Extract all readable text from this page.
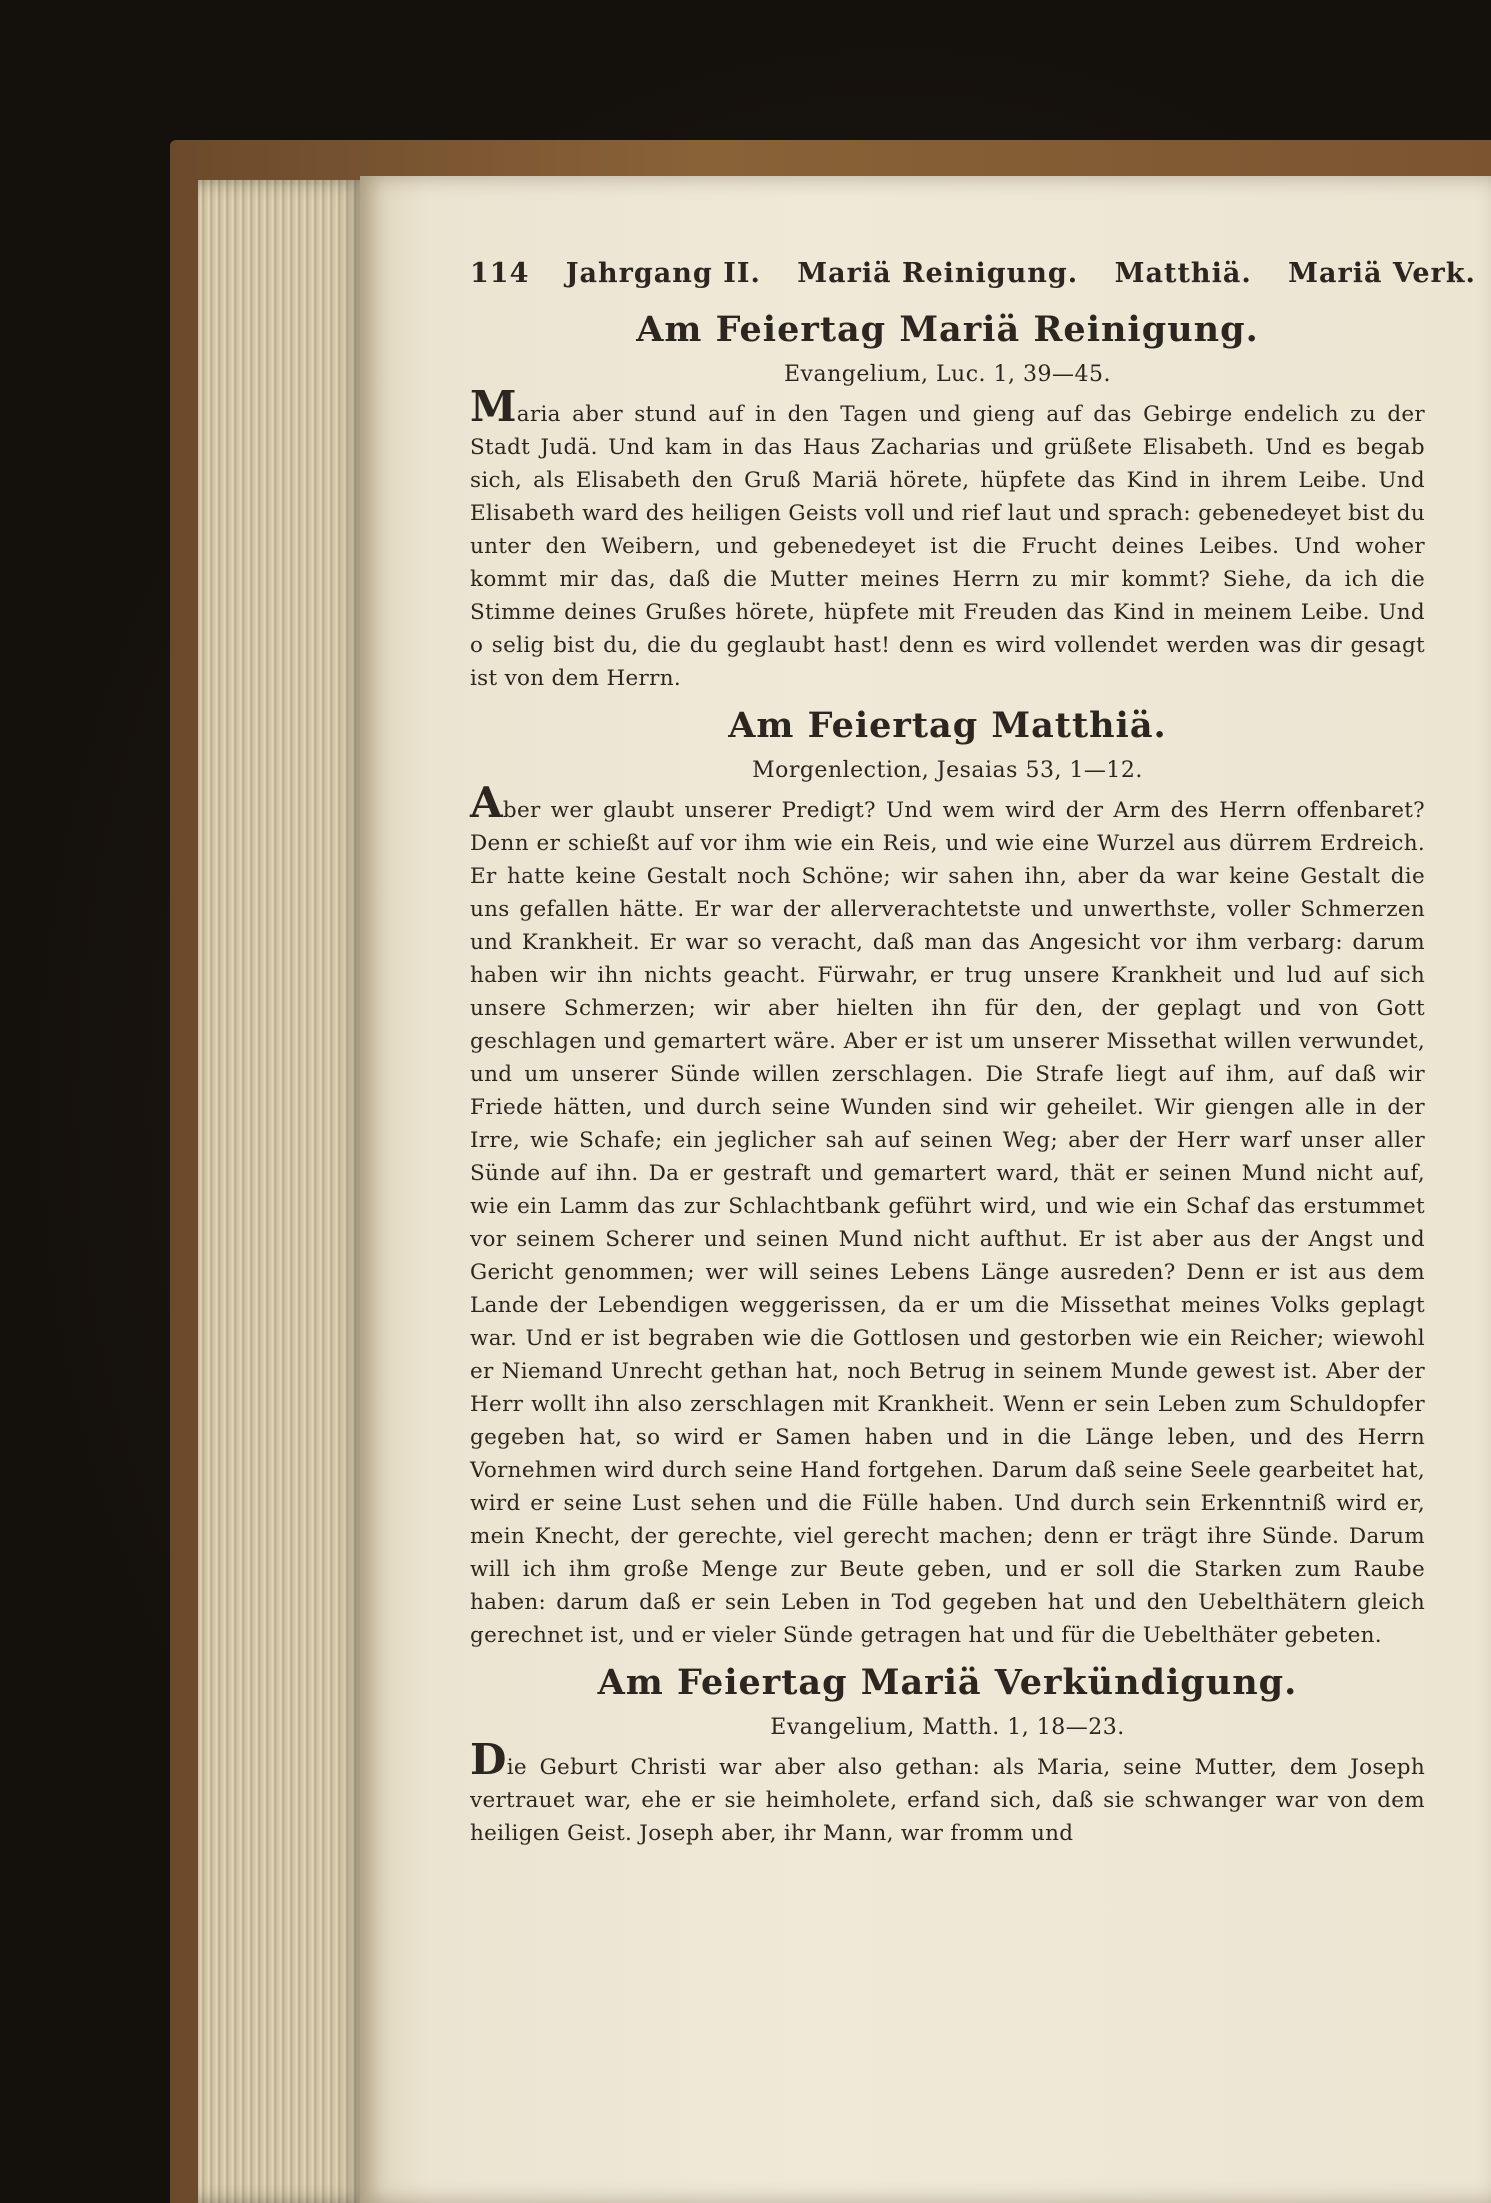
114 Jahrgang II. Mariä Reinigung. Matthiä. Mariä Verk.
Am Feiertag Mariä Reinigung.
Evangelium, Luc. 1, 39—45.

Maria aber stund auf in den Tagen und gieng auf das Gebirge endelich zu der Stadt Judä. Und kam in das Haus Zacharias und grüßete Elisabeth. Und es begab sich, als Elisabeth den Gruß Mariä hörete, hüpfete das Kind in ihrem Leibe. Und Elisabeth ward des heiligen Geists voll und rief laut und sprach: gebenedeyet bist du unter den Weibern, und gebenedeyet ist die Frucht deines Leibes. Und woher kommt mir das, daß die Mutter meines Herrn zu mir kommt? Siehe, da ich die Stimme deines Grußes hörete, hüpfete mit Freuden das Kind in meinem Leibe. Und o selig bist du, die du geglaubt hast! denn es wird vollendet werden was dir gesagt ist von dem Herrn.

Am Feiertag Matthiä.
Morgenlection, Jesaias 53, 1—12.

Aber wer glaubt unserer Predigt? Und wem wird der Arm des Herrn offenbaret? Denn er schießt auf vor ihm wie ein Reis, und wie eine Wurzel aus dürrem Erdreich. Er hatte keine Gestalt noch Schöne; wir sahen ihn, aber da war keine Gestalt die uns gefallen hätte. Er war der allerverachtetste und unwerthste, voller Schmerzen und Krankheit. Er war so veracht, daß man das Angesicht vor ihm verbarg: darum haben wir ihn nichts geacht. Fürwahr, er trug unsere Krankheit und lud auf sich unsere Schmerzen; wir aber hielten ihn für den, der geplagt und von Gott geschlagen und gemartert wäre. Aber er ist um unserer Missethat willen verwundet, und um unserer Sünde willen zerschlagen. Die Strafe liegt auf ihm, auf daß wir Friede hätten, und durch seine Wunden sind wir geheilet. Wir giengen alle in der Irre, wie Schafe; ein jeglicher sah auf seinen Weg; aber der Herr warf unser aller Sünde auf ihn. Da er gestraft und gemartert ward, thät er seinen Mund nicht auf, wie ein Lamm das zur Schlachtbank geführt wird, und wie ein Schaf das erstummet vor seinem Scherer und seinen Mund nicht aufthut. Er ist aber aus der Angst und Gericht genommen; wer will seines Lebens Länge ausreden? Denn er ist aus dem Lande der Lebendigen weggerissen, da er um die Missethat meines Volks geplagt war. Und er ist begraben wie die Gottlosen und gestorben wie ein Reicher; wiewohl er Niemand Unrecht gethan hat, noch Betrug in seinem Munde gewest ist. Aber der Herr wollt ihn also zerschlagen mit Krankheit. Wenn er sein Leben zum Schuldopfer gegeben hat, so wird er Samen haben und in die Länge leben, und des Herrn Vornehmen wird durch seine Hand fortgehen. Darum daß seine Seele gearbeitet hat, wird er seine Lust sehen und die Fülle haben. Und durch sein Erkenntniß wird er, mein Knecht, der gerechte, viel gerecht machen; denn er trägt ihre Sünde. Darum will ich ihm große Menge zur Beute geben, und er soll die Starken zum Raube haben: darum daß er sein Leben in Tod gegeben hat und den Uebelthätern gleich gerechnet ist, und er vieler Sünde getragen hat und für die Uebelthäter gebeten.

Am Feiertag Mariä Verkündigung.
Evangelium, Matth. 1, 18—23.

Die Geburt Christi war aber also gethan: als Maria, seine Mutter, dem Joseph vertrauet war, ehe er sie heimholete, erfand sich, daß sie schwanger war von dem heiligen Geist. Joseph aber, ihr Mann, war fromm und
